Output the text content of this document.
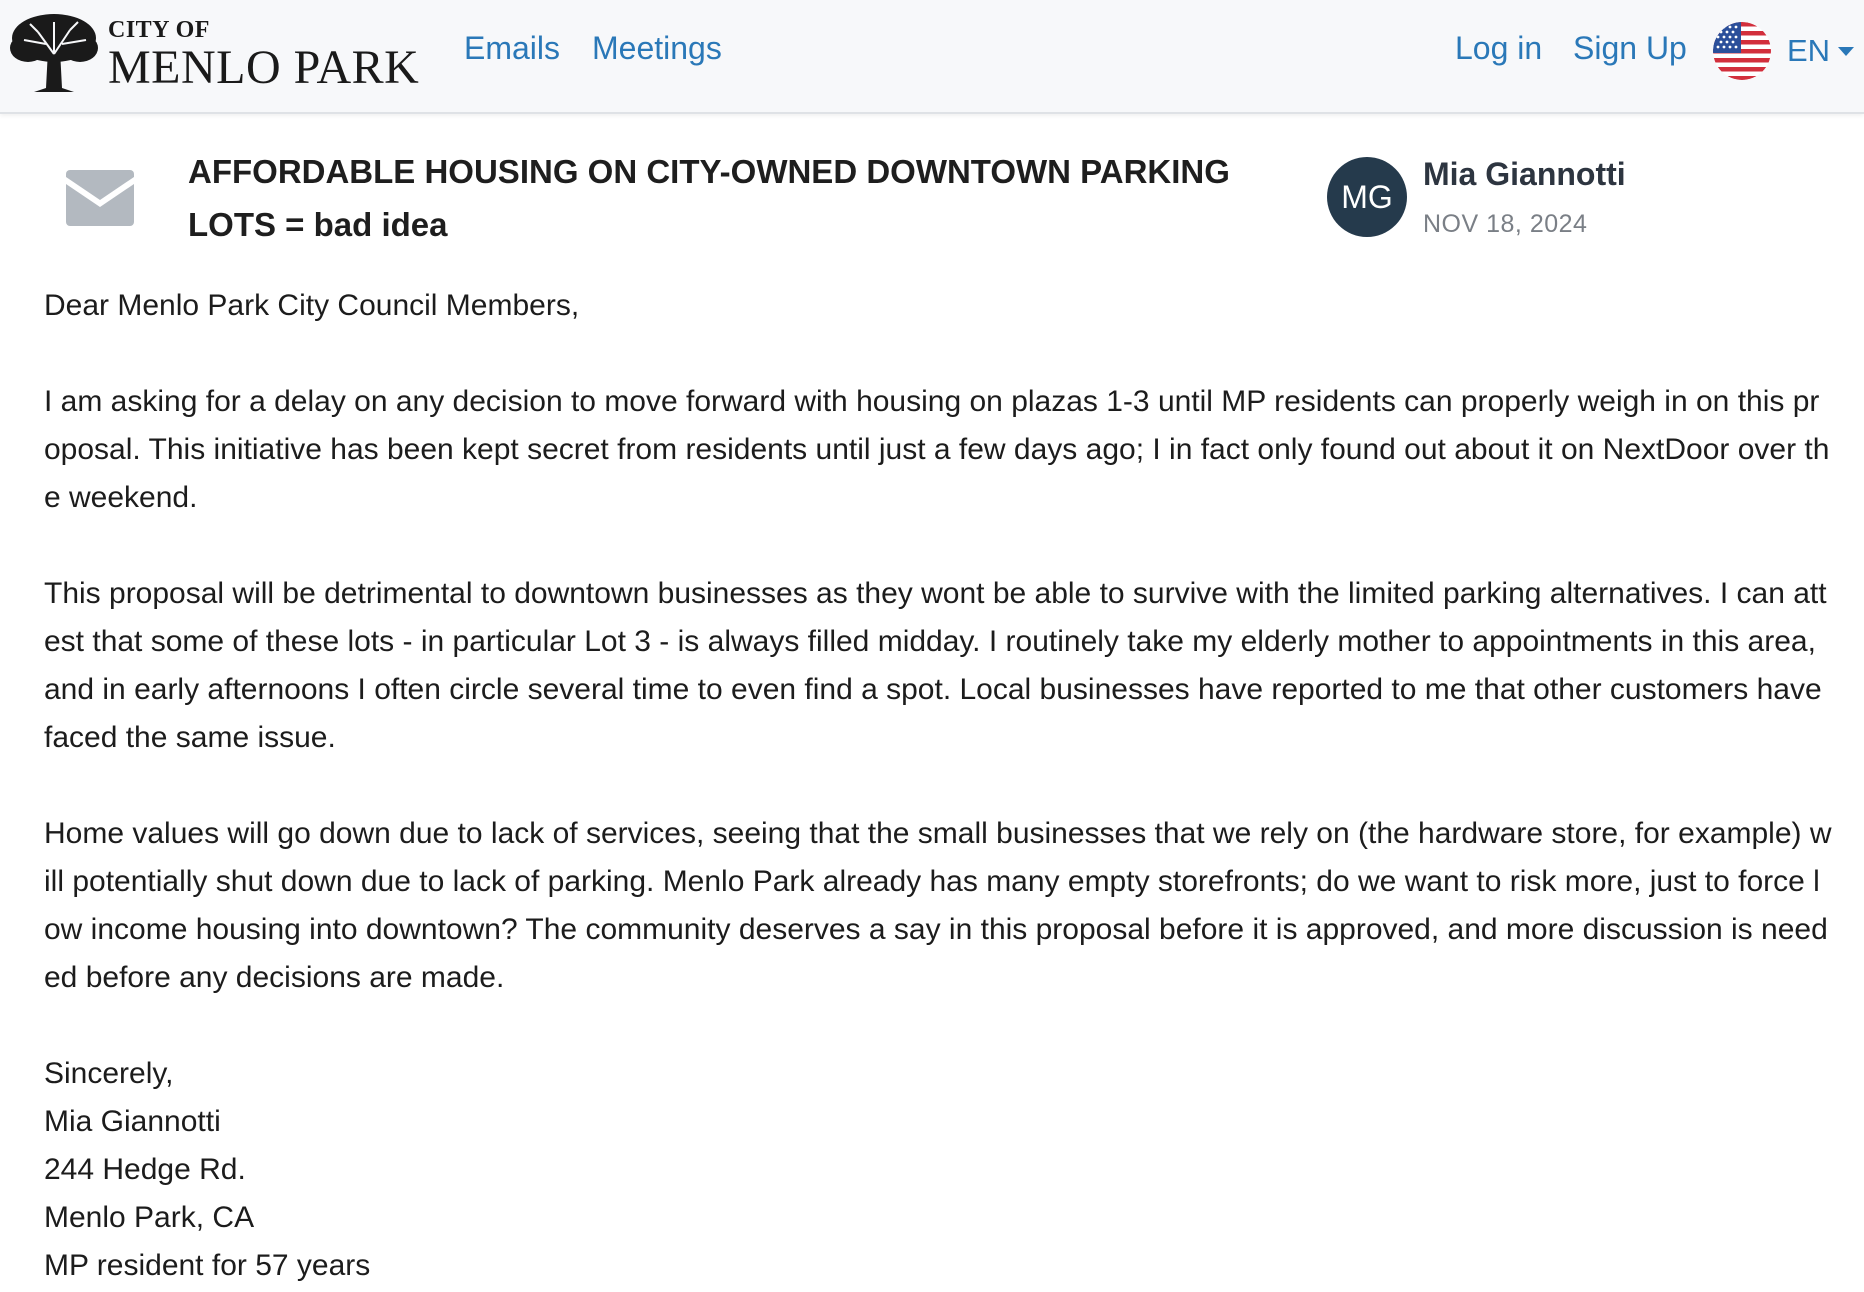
CITY OF
MENLO PARK Emails Meetings	Log in Sign Up	EN
AFFORDABLE HOUSING ON CITY-OWNED DOWNTOWN PARKING LOTS = bad idea
MG
Mia Giannotti
NOV 18, 2024

Dear Menlo Park City Council Members,

I am asking for a delay on any decision to move forward with housing on plazas 1-3 until MP residents can properly weigh in on this proposal. This initiative has been kept secret from residents until just a few days ago; I in fact only found out about it on NextDoor over the weekend.

This proposal will be detrimental to downtown businesses as they wont be able to survive with the limited parking alternatives. I can attest that some of these lots - in particular Lot 3 - is always filled midday. I routinely take my elderly mother to appointments in this area, and in early afternoons I often circle several time to even find a spot. Local businesses have reported to me that other customers have faced the same issue.

Home values will go down due to lack of services, seeing that the small businesses that we rely on (the hardware store, for example) will potentially shut down due to lack of parking. Menlo Park already has many empty storefronts; do we want to risk more, just to force low income housing into downtown? The community deserves a say in this proposal before it is approved, and more discussion is needed before any decisions are made.

Sincerely,
Mia Giannotti
244 Hedge Rd.
Menlo Park, CA
MP resident for 57 years
